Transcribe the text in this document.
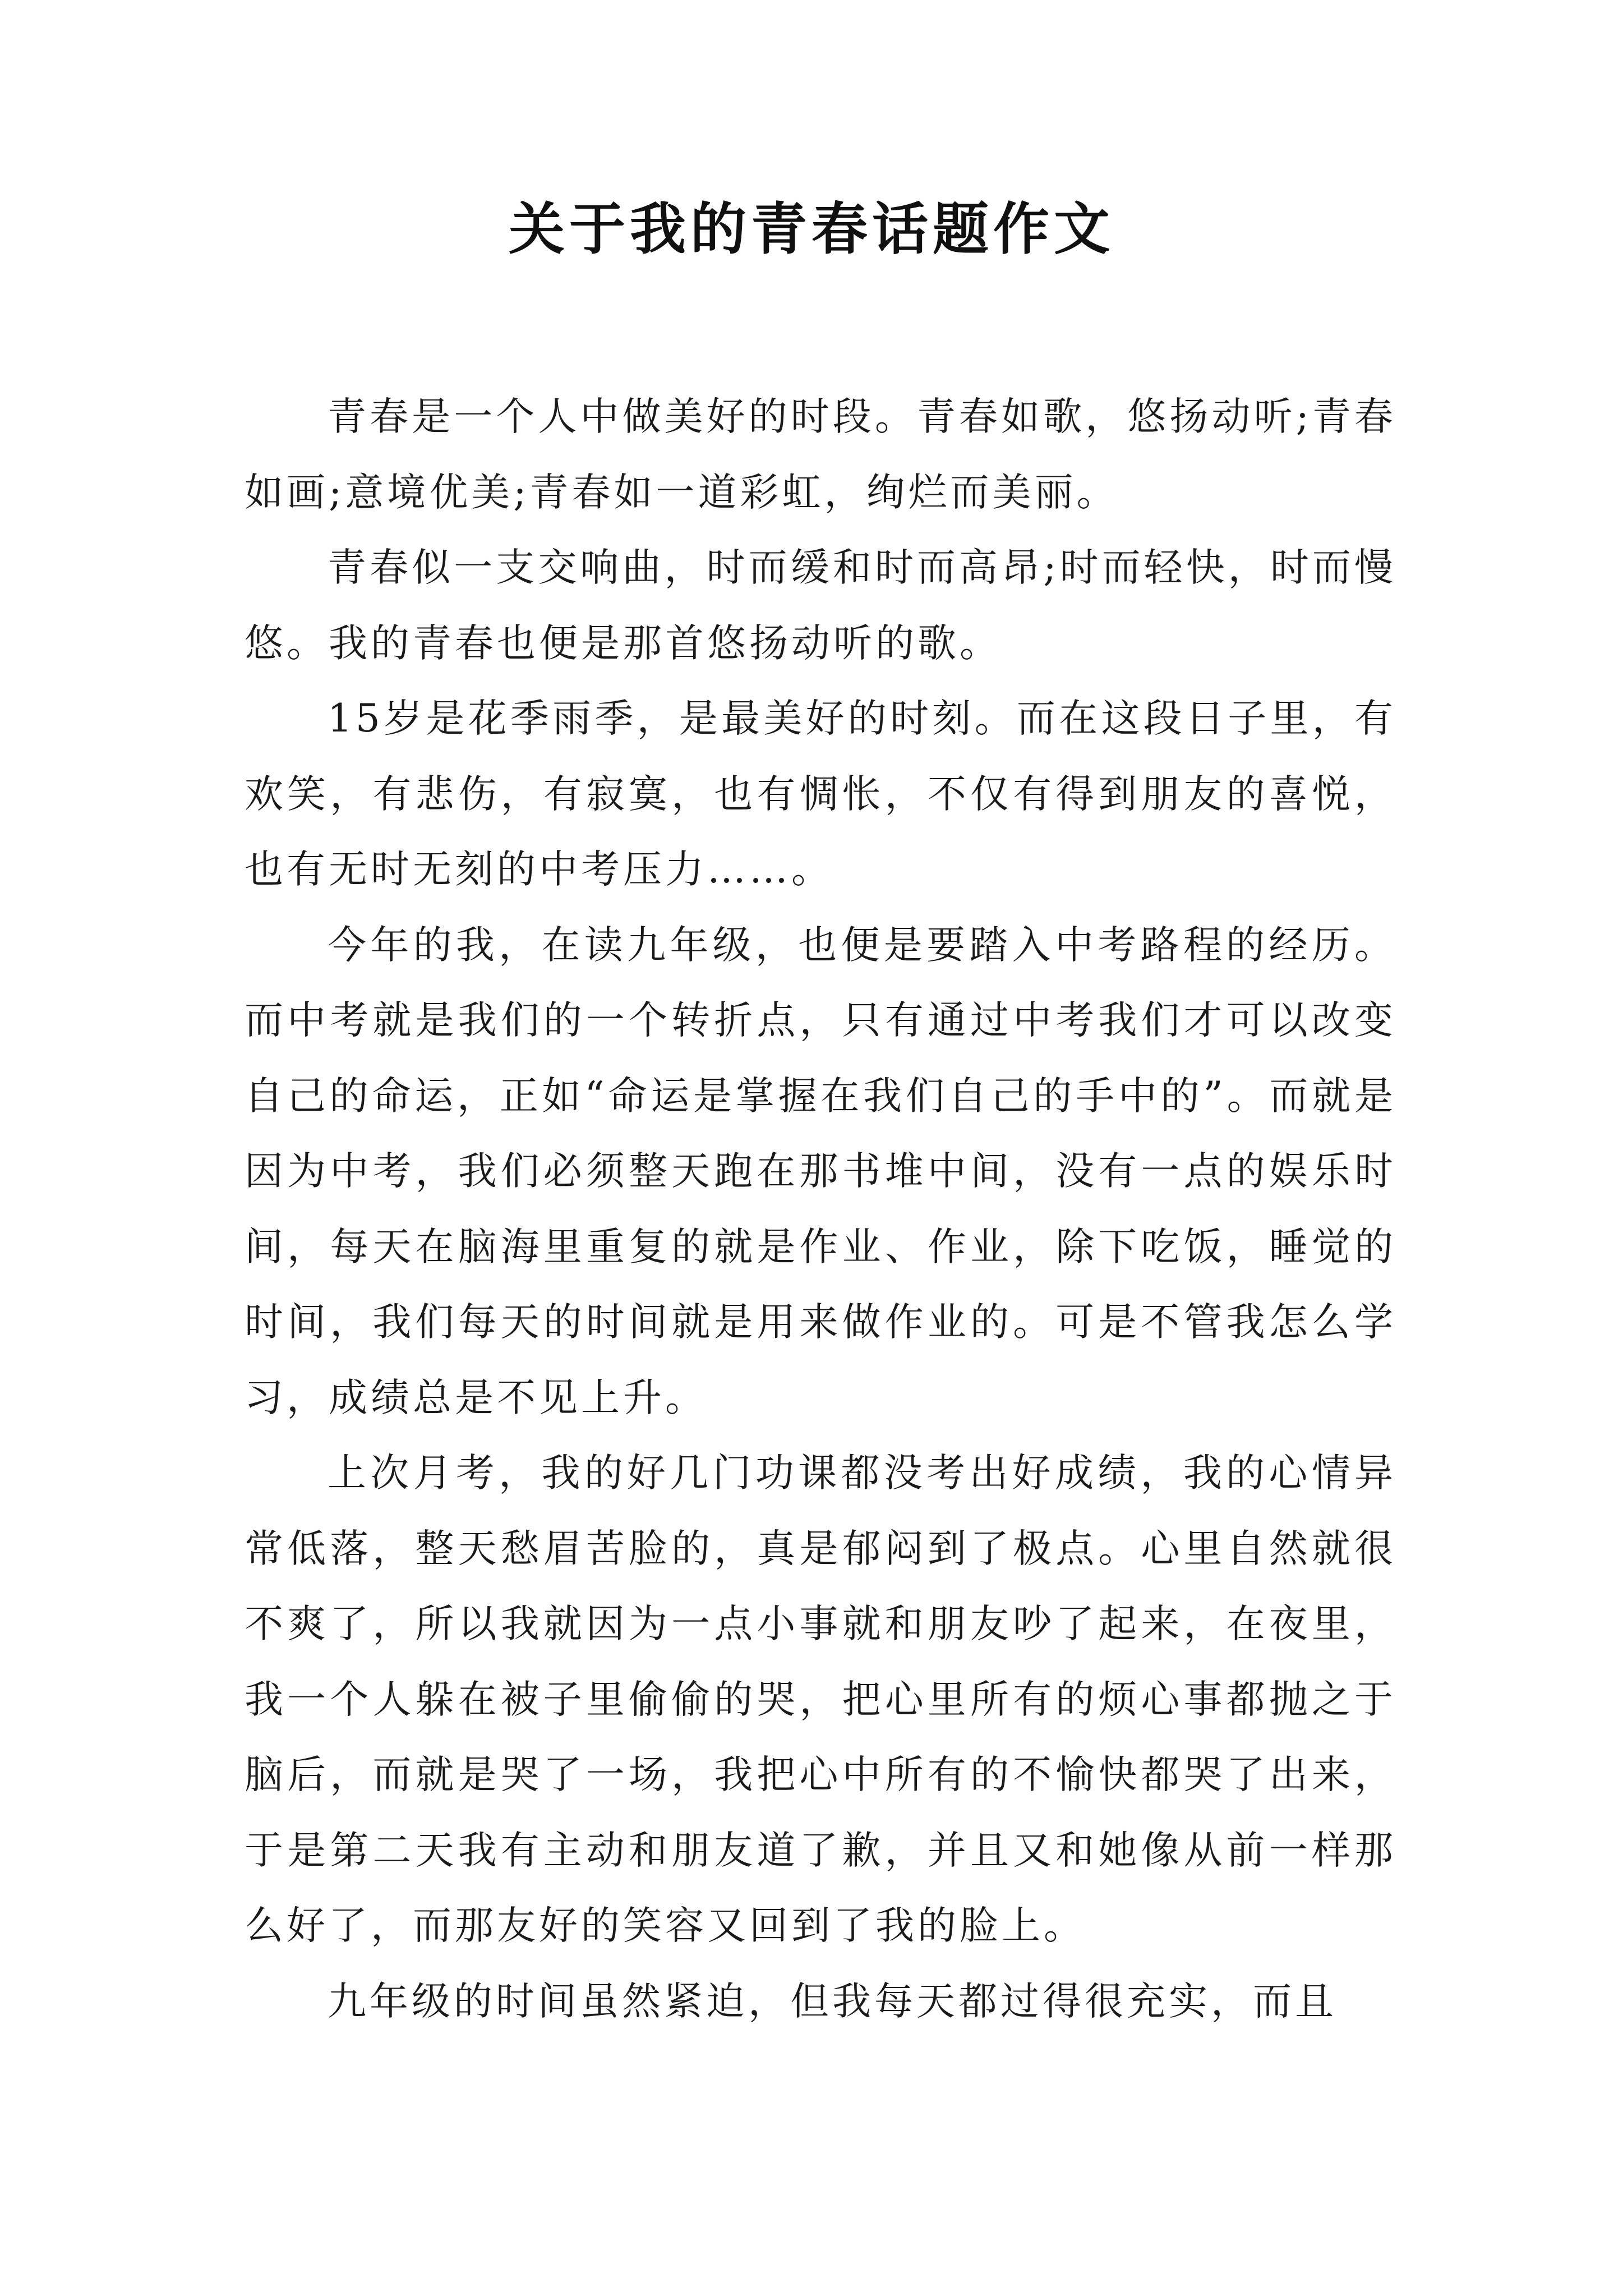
关于我的青春话题作文

青春是一个人中做美好的时段。青春如歌，悠扬动听;青春如画;意境优美;青春如一道彩虹，绚烂而美丽。

青春似一支交响曲，时而缓和时而高昂;时而轻快，时而慢悠。我的青春也便是那首悠扬动听的歌。

15岁是花季雨季，是最美好的时刻。而在这段日子里，有欢笑，有悲伤，有寂寞，也有惆怅，不仅有得到朋友的喜悦，也有无时无刻的中考压力……。

今年的我，在读九年级，也便是要踏入中考路程的经历。而中考就是我们的一个转折点，只有通过中考我们才可以改变自己的命运，正如“命运是掌握在我们自己的手中的”。而就是因为中考，我们必须整天跑在那书堆中间，没有一点的娱乐时间，每天在脑海里重复的就是作业、作业，除下吃饭，睡觉的时间，我们每天的时间就是用来做作业的。可是不管我怎么学习，成绩总是不见上升。

上次月考，我的好几门功课都没考出好成绩，我的心情异常低落，整天愁眉苦脸的，真是郁闷到了极点。心里自然就很不爽了，所以我就因为一点小事就和朋友吵了起来，在夜里，我一个人躲在被子里偷偷的哭，把心里所有的烦心事都抛之于脑后，而就是哭了一场，我把心中所有的不愉快都哭了出来，于是第二天我有主动和朋友道了歉，并且又和她像从前一样那么好了，而那友好的笑容又回到了我的脸上。

九年级的时间虽然紧迫，但我每天都过得很充实，而且
